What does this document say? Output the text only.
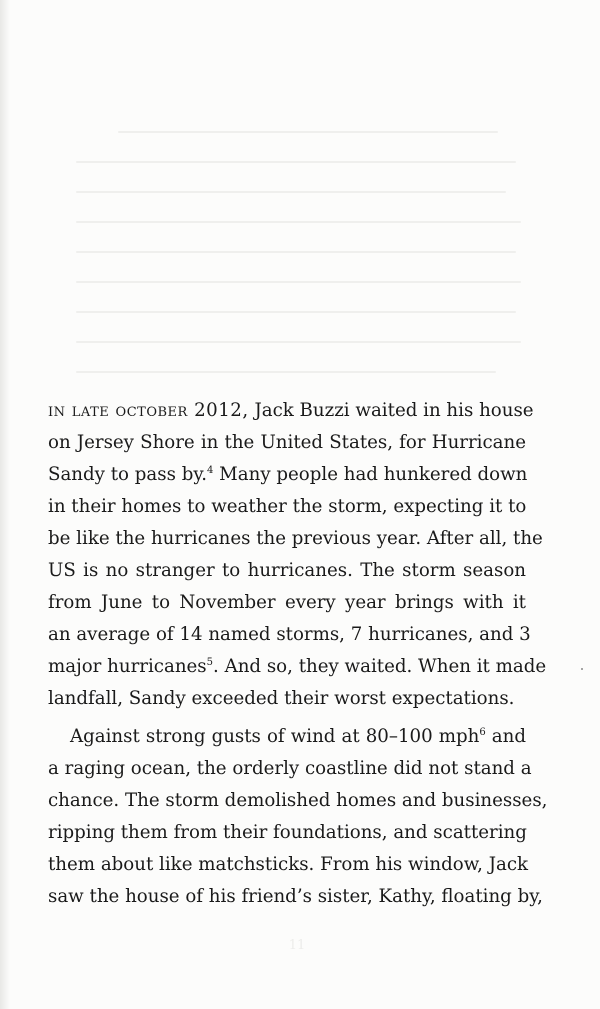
in late october 2012, Jack Buzzi waited in his house
on Jersey Shore in the United States, for Hurricane
Sandy to pass by.$^4$ Many people had hunkered down
in their homes to weather the storm, expecting it to
be like the hurricanes the previous year. After all, the
US is no stranger to hurricanes. The storm season
from June to November every year brings with it
an average of 14 named storms, 7 hurricanes, and 3
major hurricanes$^5$. And so, they waited. When it made
landfall, Sandy exceeded their worst expectations.
Against strong gusts of wind at 80–100 mph$^6$ and
a raging ocean, the orderly coastline did not stand a
chance. The storm demolished homes and businesses,
ripping them from their foundations, and scattering
them about like matchsticks. From his window, Jack
saw the house of his friend’s sister, Kathy, floating by,
11
